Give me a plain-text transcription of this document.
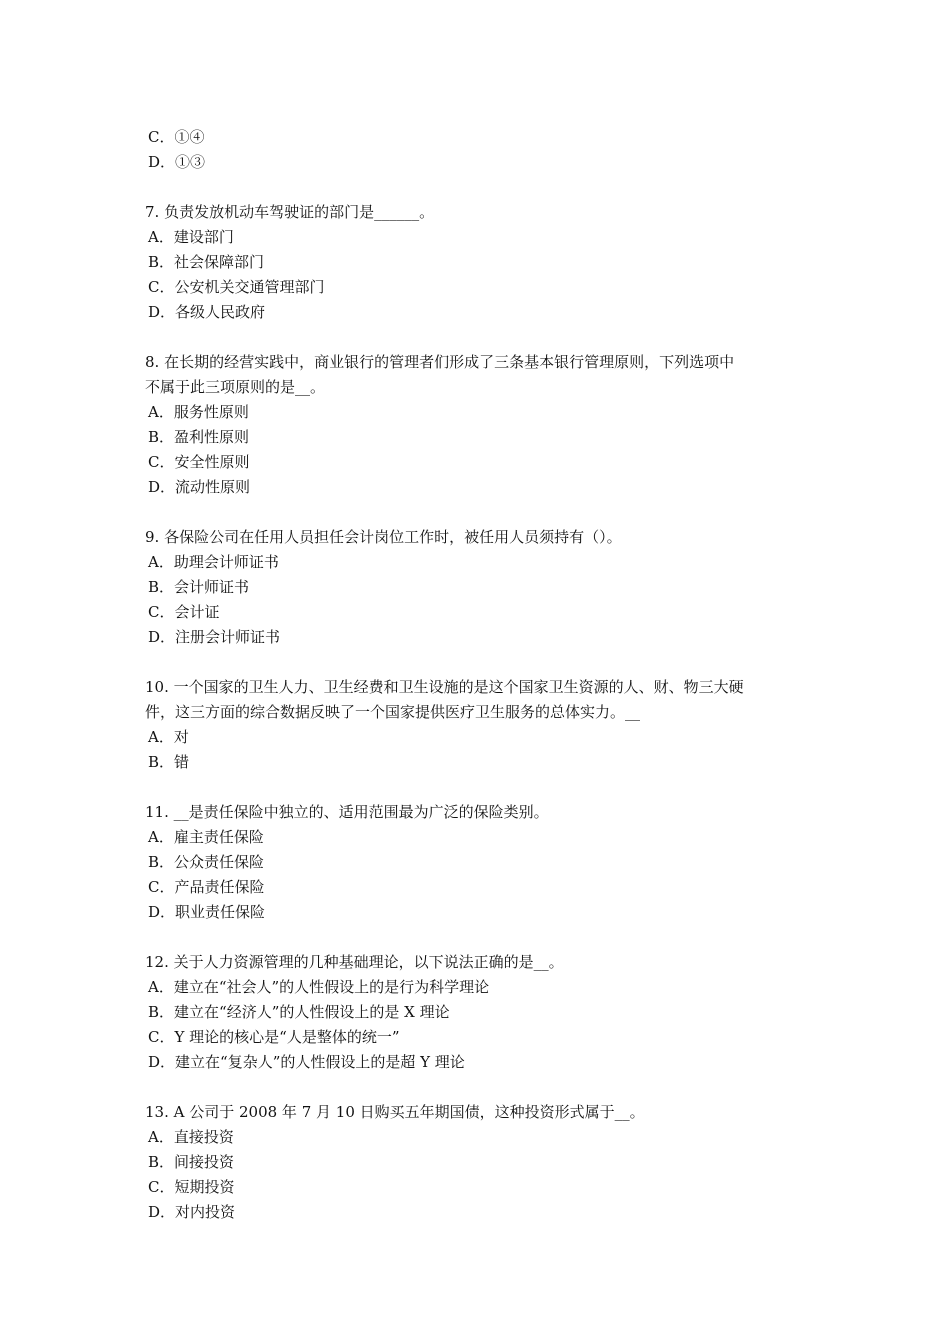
C．①④
D．①③
7. 负责发放机动车驾驶证的部门是______。
A．建设部门
B．社会保障部门
C．公安机关交通管理部门
D．各级人民政府
8. 在长期的经营实践中，商业银行的管理者们形成了三条基本银行管理原则，下列选项中
不属于此三项原则的是__。
A．服务性原则
B．盈利性原则
C．安全性原则
D．流动性原则
9. 各保险公司在任用人员担任会计岗位工作时，被任用人员须持有（）。
A．助理会计师证书
B．会计师证书
C．会计证
D．注册会计师证书
10. 一个国家的卫生人力、卫生经费和卫生设施的是这个国家卫生资源的人、财、物三大硬
件，这三方面的综合数据反映了一个国家提供医疗卫生服务的总体实力。__
A．对
B．错
11. __是责任保险中独立的、适用范围最为广泛的保险类别。
A．雇主责任保险
B．公众责任保险
C．产品责任保险
D．职业责任保险
12. 关于人力资源管理的几种基础理论，以下说法正确的是__。
A．建立在“社会人”的人性假设上的是行为科学理论
B．建立在“经济人”的人性假设上的是 X 理论
C．Y 理论的核心是“人是整体的统一”
D．建立在“复杂人”的人性假设上的是超 Y 理论
13. A 公司于 2008 年 7 月 10 日购买五年期国债，这种投资形式属于__。
A．直接投资
B．间接投资
C．短期投资
D．对内投资
